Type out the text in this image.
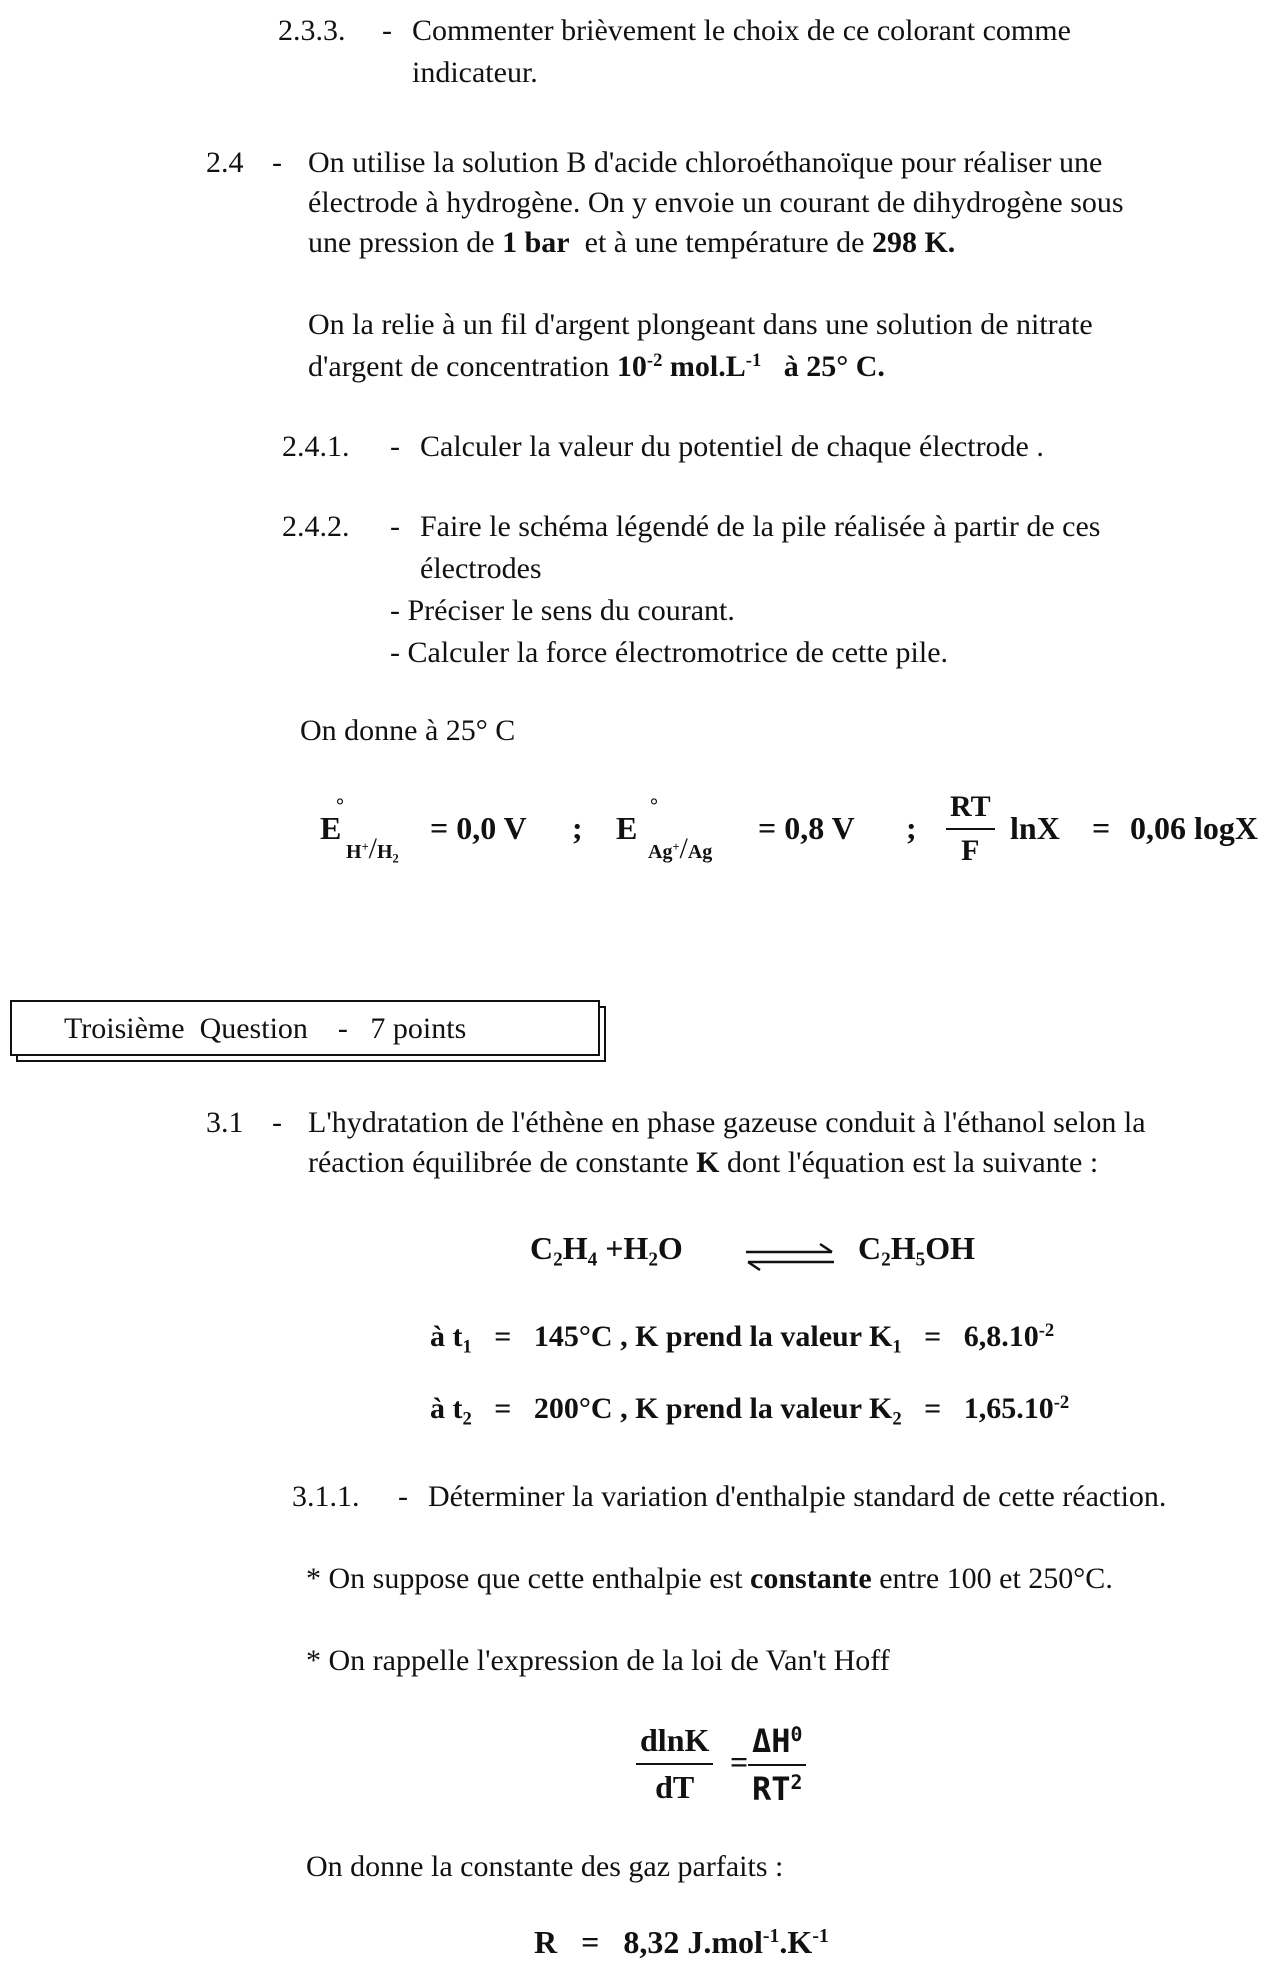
2.3.3. - Commenter brièvement le choix de ce colorant comme
indicateur.
2.4 - On utilise la solution B d'acide chloroéthanoïque pour réaliser une
électrode à hydrogène. On y envoie un courant de dihydrogène sous
une pression de 1 bar et à une température de 298 K.
On la relie à un fil d'argent plongeant dans une solution de nitrate
d'argent de concentration $10^{-2}$ $mol.L^{-1}$ à 25° C.
2.4.1. - Calculer la valeur du potentiel de chaque électrode .
2.4.2. - Faire le schéma légendé de la pile réalisée à partir de ces
électrodes
- Préciser le sens du courant.
- Calculer la force électromotrice de cette pile.
On donne à 25° C
E
°
$H^+/H_2$
= 0,0 V ; E
°
Ag+/Ag
= 0,8 V ; $\frac{RT}{F}$ lnX = 0,06 logX
Troisième Question - 7 points
3.1 - L'hydratation de l'éthène en phase gazeuse conduit à l'éthanol selon la
réaction équilibrée de constante K dont l'équation est la suivante :
C₂H₄ +H₂O ⇌ C₂H₅OH
à $t_1 = 145^\circ C$ , K prend la valeur $K_1 = 6,8.10^{-2}$
à $t_2 = 200^\circ C$ , K prend la valeur $K_2 = 1,65.10^{-2}$
3.1.1. - Déterminer la variation d'enthalpie standard de cette réaction.
* On suppose que cette enthalpie est constante entre 100 et 250°C.
* On rappelle l'expression de la loi de Van't Hoff
$\frac{dlnK}{dT} = \frac{\Delta H^0}{RT^2}$
On donne la constante des gaz parfaits :
R = 8,32 $J.mol^{-1}.K^{-1}$
